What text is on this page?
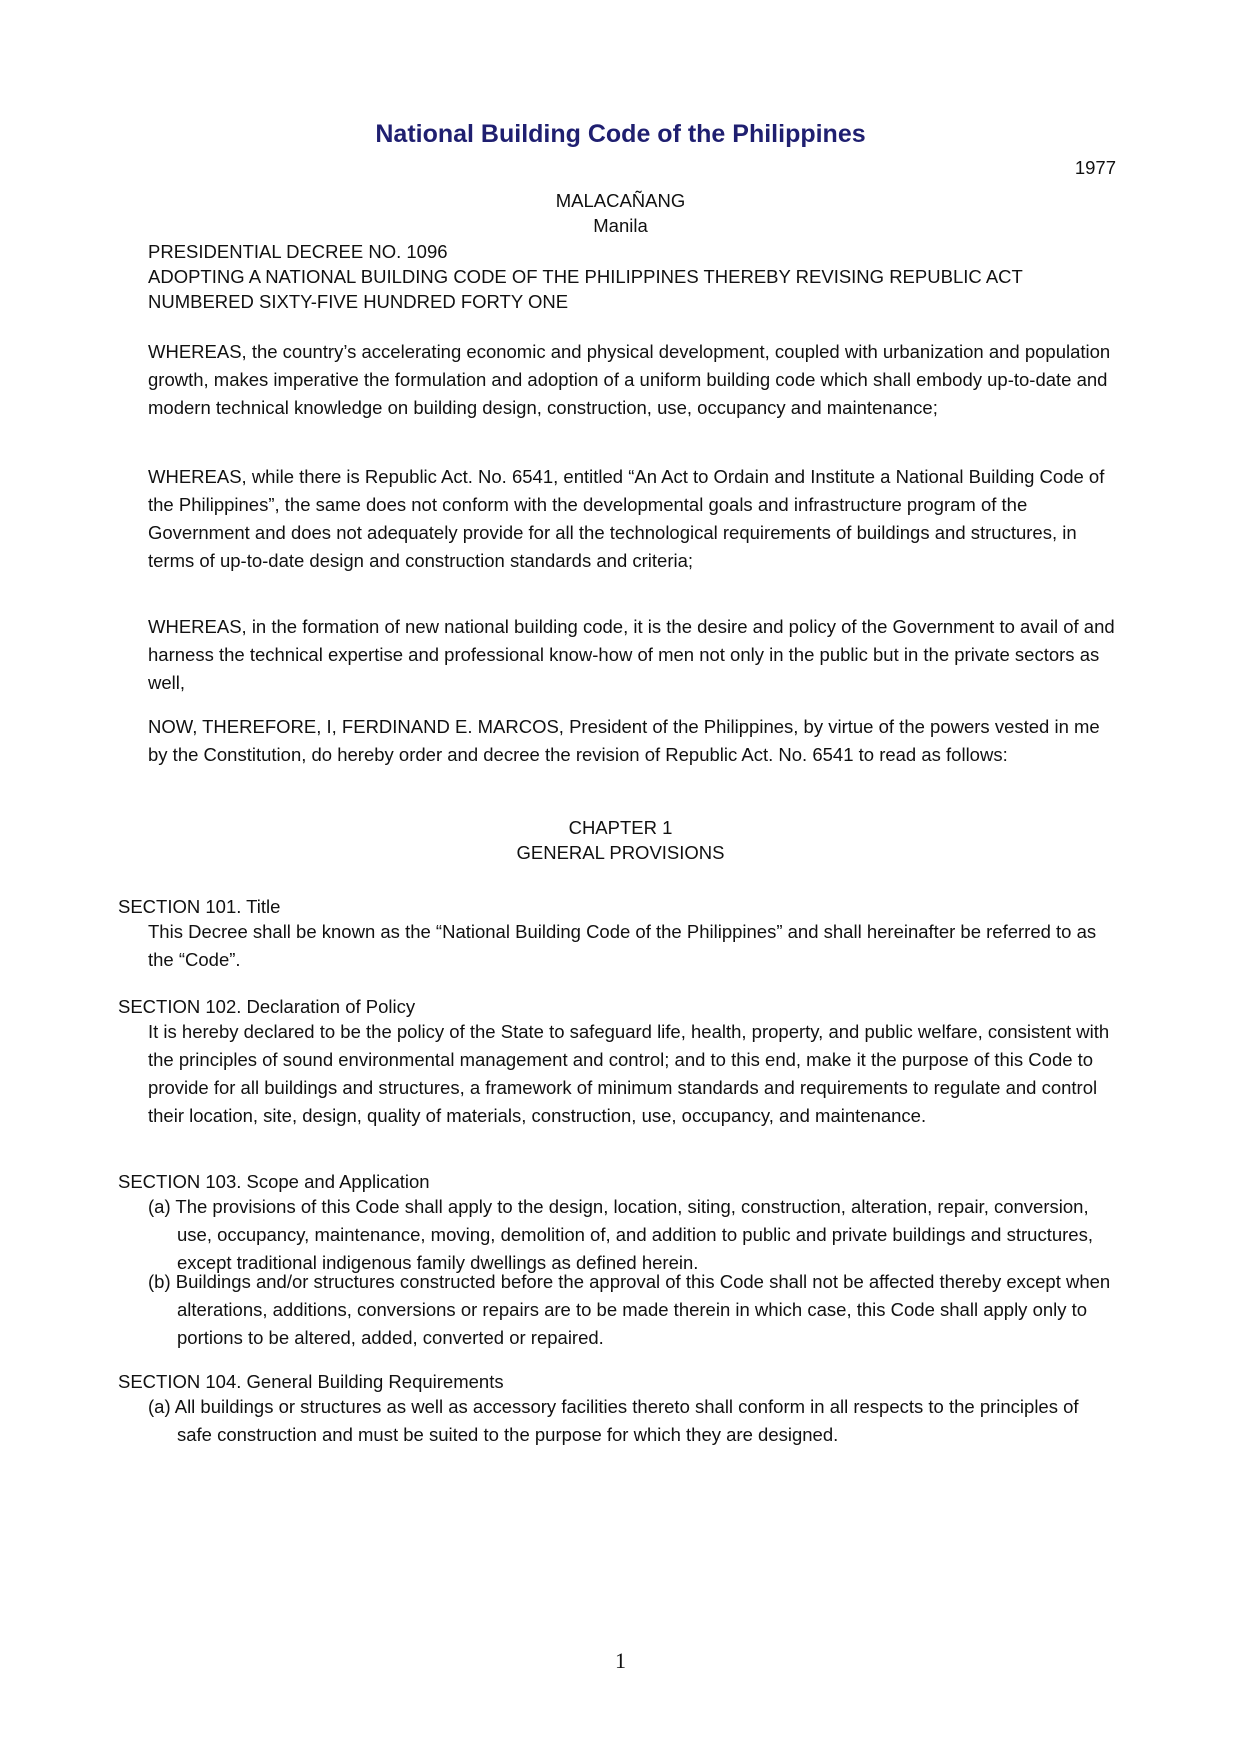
National Building Code of the Philippines
1977
MALACAÑANG
Manila
PRESIDENTIAL DECREE NO. 1096
ADOPTING A NATIONAL BUILDING CODE OF THE PHILIPPINES THEREBY REVISING REPUBLIC ACT
NUMBERED SIXTY-FIVE HUNDRED FORTY ONE

WHEREAS, the country’s accelerating economic and physical development, coupled with urbanization and population growth, makes imperative the formulation and adoption of a uniform building code which shall embody up-to-date and modern technical knowledge on building design, construction, use, occupancy and maintenance;

WHEREAS, while there is Republic Act. No. 6541, entitled “An Act to Ordain and Institute a National Building Code of the Philippines”, the same does not conform with the developmental goals and infrastructure program of the Government and does not adequately provide for all the technological requirements of buildings and structures, in terms of up-to-date design and construction standards and criteria;

WHEREAS, in the formation of new national building code, it is the desire and policy of the Government to avail of and harness the technical expertise and professional know-how of men not only in the public but in the private sectors as well,

NOW, THEREFORE, I, FERDINAND E. MARCOS, President of the Philippines, by virtue of the powers vested in me by the Constitution, do hereby order and decree the revision of Republic Act. No. 6541 to read as follows:

CHAPTER 1
GENERAL PROVISIONS
SECTION 101. Title

This Decree shall be known as the “National Building Code of the Philippines” and shall hereinafter be referred to as the “Code”.

SECTION 102. Declaration of Policy

It is hereby declared to be the policy of the State to safeguard life, health, property, and public welfare, consistent with the principles of sound environmental management and control; and to this end, make it the purpose of this Code to provide for all buildings and structures, a framework of minimum standards and requirements to regulate and control their location, site, design, quality of materials, construction, use, occupancy, and maintenance.

SECTION 103. Scope and Application

(a) The provisions of this Code shall apply to the design, location, siting, construction, alteration, repair, conversion, use, occupancy, maintenance, moving, demolition of, and addition to public and private buildings and structures, except traditional indigenous family dwellings as defined herein.

(b) Buildings and/or structures constructed before the approval of this Code shall not be affected thereby except when alterations, additions, conversions or repairs are to be made therein in which case, this Code shall apply only to portions to be altered, added, converted or repaired.

SECTION 104. General Building Requirements

(a) All buildings or structures as well as accessory facilities thereto shall conform in all respects to the principles of safe construction and must be suited to the purpose for which they are designed.

1
